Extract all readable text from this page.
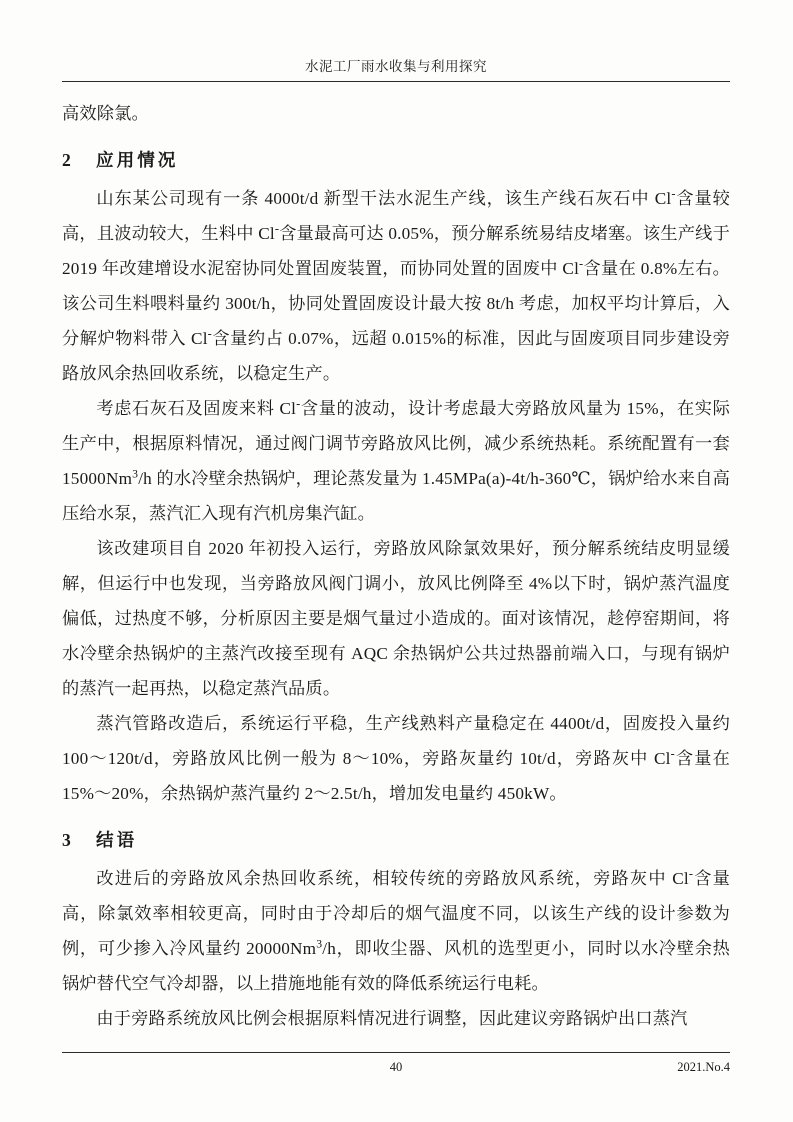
水泥工厂雨水收集与利用探究

高效除氯。

2 应用情况

山东某公司现有一条 4000t/d 新型干法水泥生产线，该生产线石灰石中 Cl-含量较高，且波动较大，生料中 Cl-含量最高可达 0.05%，预分解系统易结皮堵塞。该生产线于 2019 年改建增设水泥窑协同处置固废装置，而协同处置的固废中 Cl-含量在 0.8%左右。该公司生料喂料量约 300t/h，协同处置固废设计最大按 8t/h 考虑，加权平均计算后，入分解炉物料带入 Cl-含量约占 0.07%，远超 0.015%的标准，因此与固废项目同步建设旁路放风余热回收系统，以稳定生产。

考虑石灰石及固废来料 Cl-含量的波动，设计考虑最大旁路放风量为 15%，在实际生产中，根据原料情况，通过阀门调节旁路放风比例，减少系统热耗。系统配置有一套 15000Nm$^3$/h 的水冷壁余热锅炉，理论蒸发量为 1.45MPa(a)-4t/h-360℃，锅炉给水来自高压给水泵，蒸汽汇入现有汽机房集汽缸。

该改建项目自 2020 年初投入运行，旁路放风除氯效果好，预分解系统结皮明显缓解，但运行中也发现，当旁路放风阀门调小，放风比例降至 4%以下时，锅炉蒸汽温度偏低，过热度不够，分析原因主要是烟气量过小造成的。面对该情况，趁停窑期间，将水冷壁余热锅炉的主蒸汽改接至现有 AQC 余热锅炉公共过热器前端入口，与现有锅炉的蒸汽一起再热，以稳定蒸汽品质。

蒸汽管路改造后，系统运行平稳，生产线熟料产量稳定在 4400t/d，固废投入量约 100～120t/d，旁路放风比例一般为 8～10%，旁路灰量约 10t/d，旁路灰中 Cl-含量在 15%～20%，余热锅炉蒸汽量约 2～2.5t/h，增加发电量约 450kW。

3 结语

改进后的旁路放风余热回收系统，相较传统的旁路放风系统，旁路灰中 Cl-含量高，除氯效率相较更高，同时由于冷却后的烟气温度不同，以该生产线的设计参数为例，可少掺入冷风量约 20000Nm$^3$/h，即收尘器、风机的选型更小，同时以水冷壁余热锅炉替代空气冷却器，以上措施地能有效的降低系统运行电耗。

由于旁路系统放风比例会根据原料情况进行调整，因此建议旁路锅炉出口蒸汽

40	2021.No.4
